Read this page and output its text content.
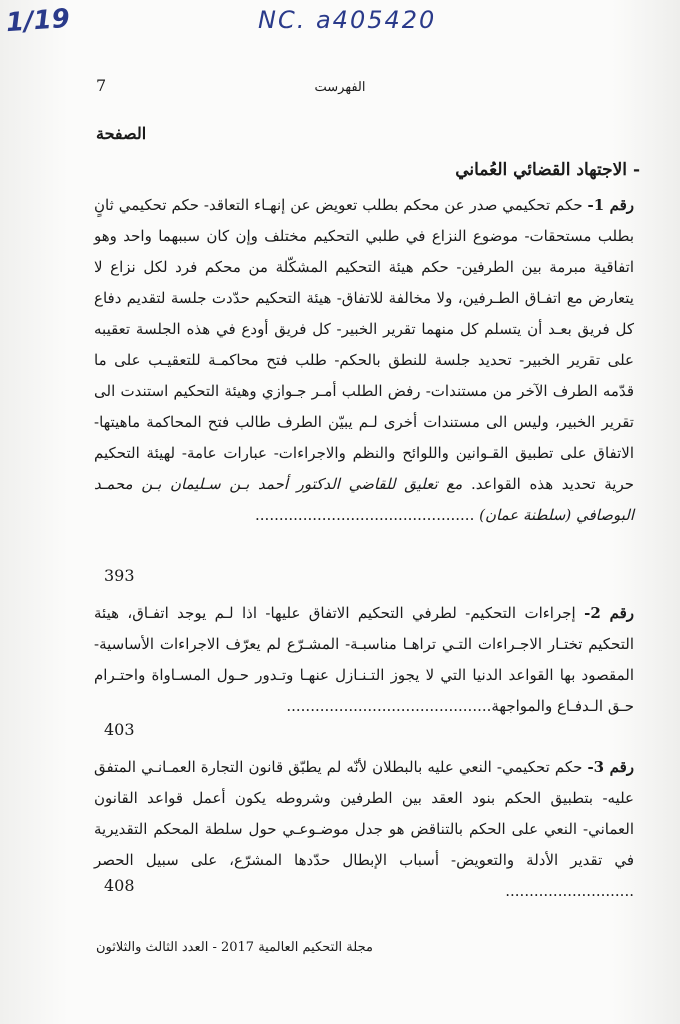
1/19	NC. a405420
7	الفهرست
الصفحة
- الاجتهاد القضائي العُماني
رقم 1- حكم تحكيمي صدر عن محكم بطلب تعويض عن إنهـاء التعاقد- حكم تحكيمي ثانٍ بطلب مستحقات- موضوع النزاع في طلبي التحكيم مختلف وإن كان سببهما واحد وهو اتفاقية مبرمة بين الطرفين- حكم هيئة التحكيم المشكّلة من محكم فرد لكل نزاع لا يتعارض مع اتفـاق الطـرفين، ولا مخالفة للاتفاق- هيئة التحكيم حدّدت جلسة لتقديم دفاع كل فريق بعـد أن يتسلم كل منهما تقرير الخبير- كل فريق أودع في هذه الجلسة تعقيبه على تقرير الخبير- تحديد جلسة للنطق بالحكم- طلب فتح محاكمـة للتعقيـب على ما قدّمه الطرف الآخر من مستندات- رفض الطلب أمـر جـوازي وهيئة التحكيم استندت الى تقرير الخبير، وليس الى مستندات أخرى لـم يبيّن الطرف طالب فتح المحاكمة ماهيتها- الاتفاق على تطبيق القـوانين واللوائح والنظم والاجراءات- عبارات عامة- لهيئة التحكيم حرية تحديد هذه القواعد. مع تعليق للقاضي الدكتور أحمد بـن سـليمان بـن محمـد البوصافي (سلطنة عمان) ..............................................
393
رقم 2- إجراءات التحكيم- لطرفي التحكيم الاتفاق عليها- اذا لـم يوجد اتفـاق، هيئة التحكيم تختـار الاجـراءات التـي تراهـا مناسبـة- المشـرّع لم يعرّف الاجراءات الأساسية- المقصود بها القواعد الدنيا التي لا يجوز التـنـازل عنهـا وتـدور حـول المسـاواة واحتـرام حـق الـدفـاع والمواجهة...........................................
403
رقم 3- حكم تحكيمي- النعي عليه بالبطلان لأنّه لم يطبّق قانون التجارة العمـانـي المتفق عليه- بتطبيق الحكم بنود العقد بين الطرفين وشروطه يكون أعمل قواعد القانون العماني- النعي على الحكم بالتناقض هو جدل موضـوعـي حول سلطة المحكم التقديرية في تقدير الأدلة والتعويض- أسباب الإبطال حدّدها المشرّع، على سبيل الحصر ...........................
408
مجلة التحكيم العالمية 2017 - العدد الثالث والثلاثون
